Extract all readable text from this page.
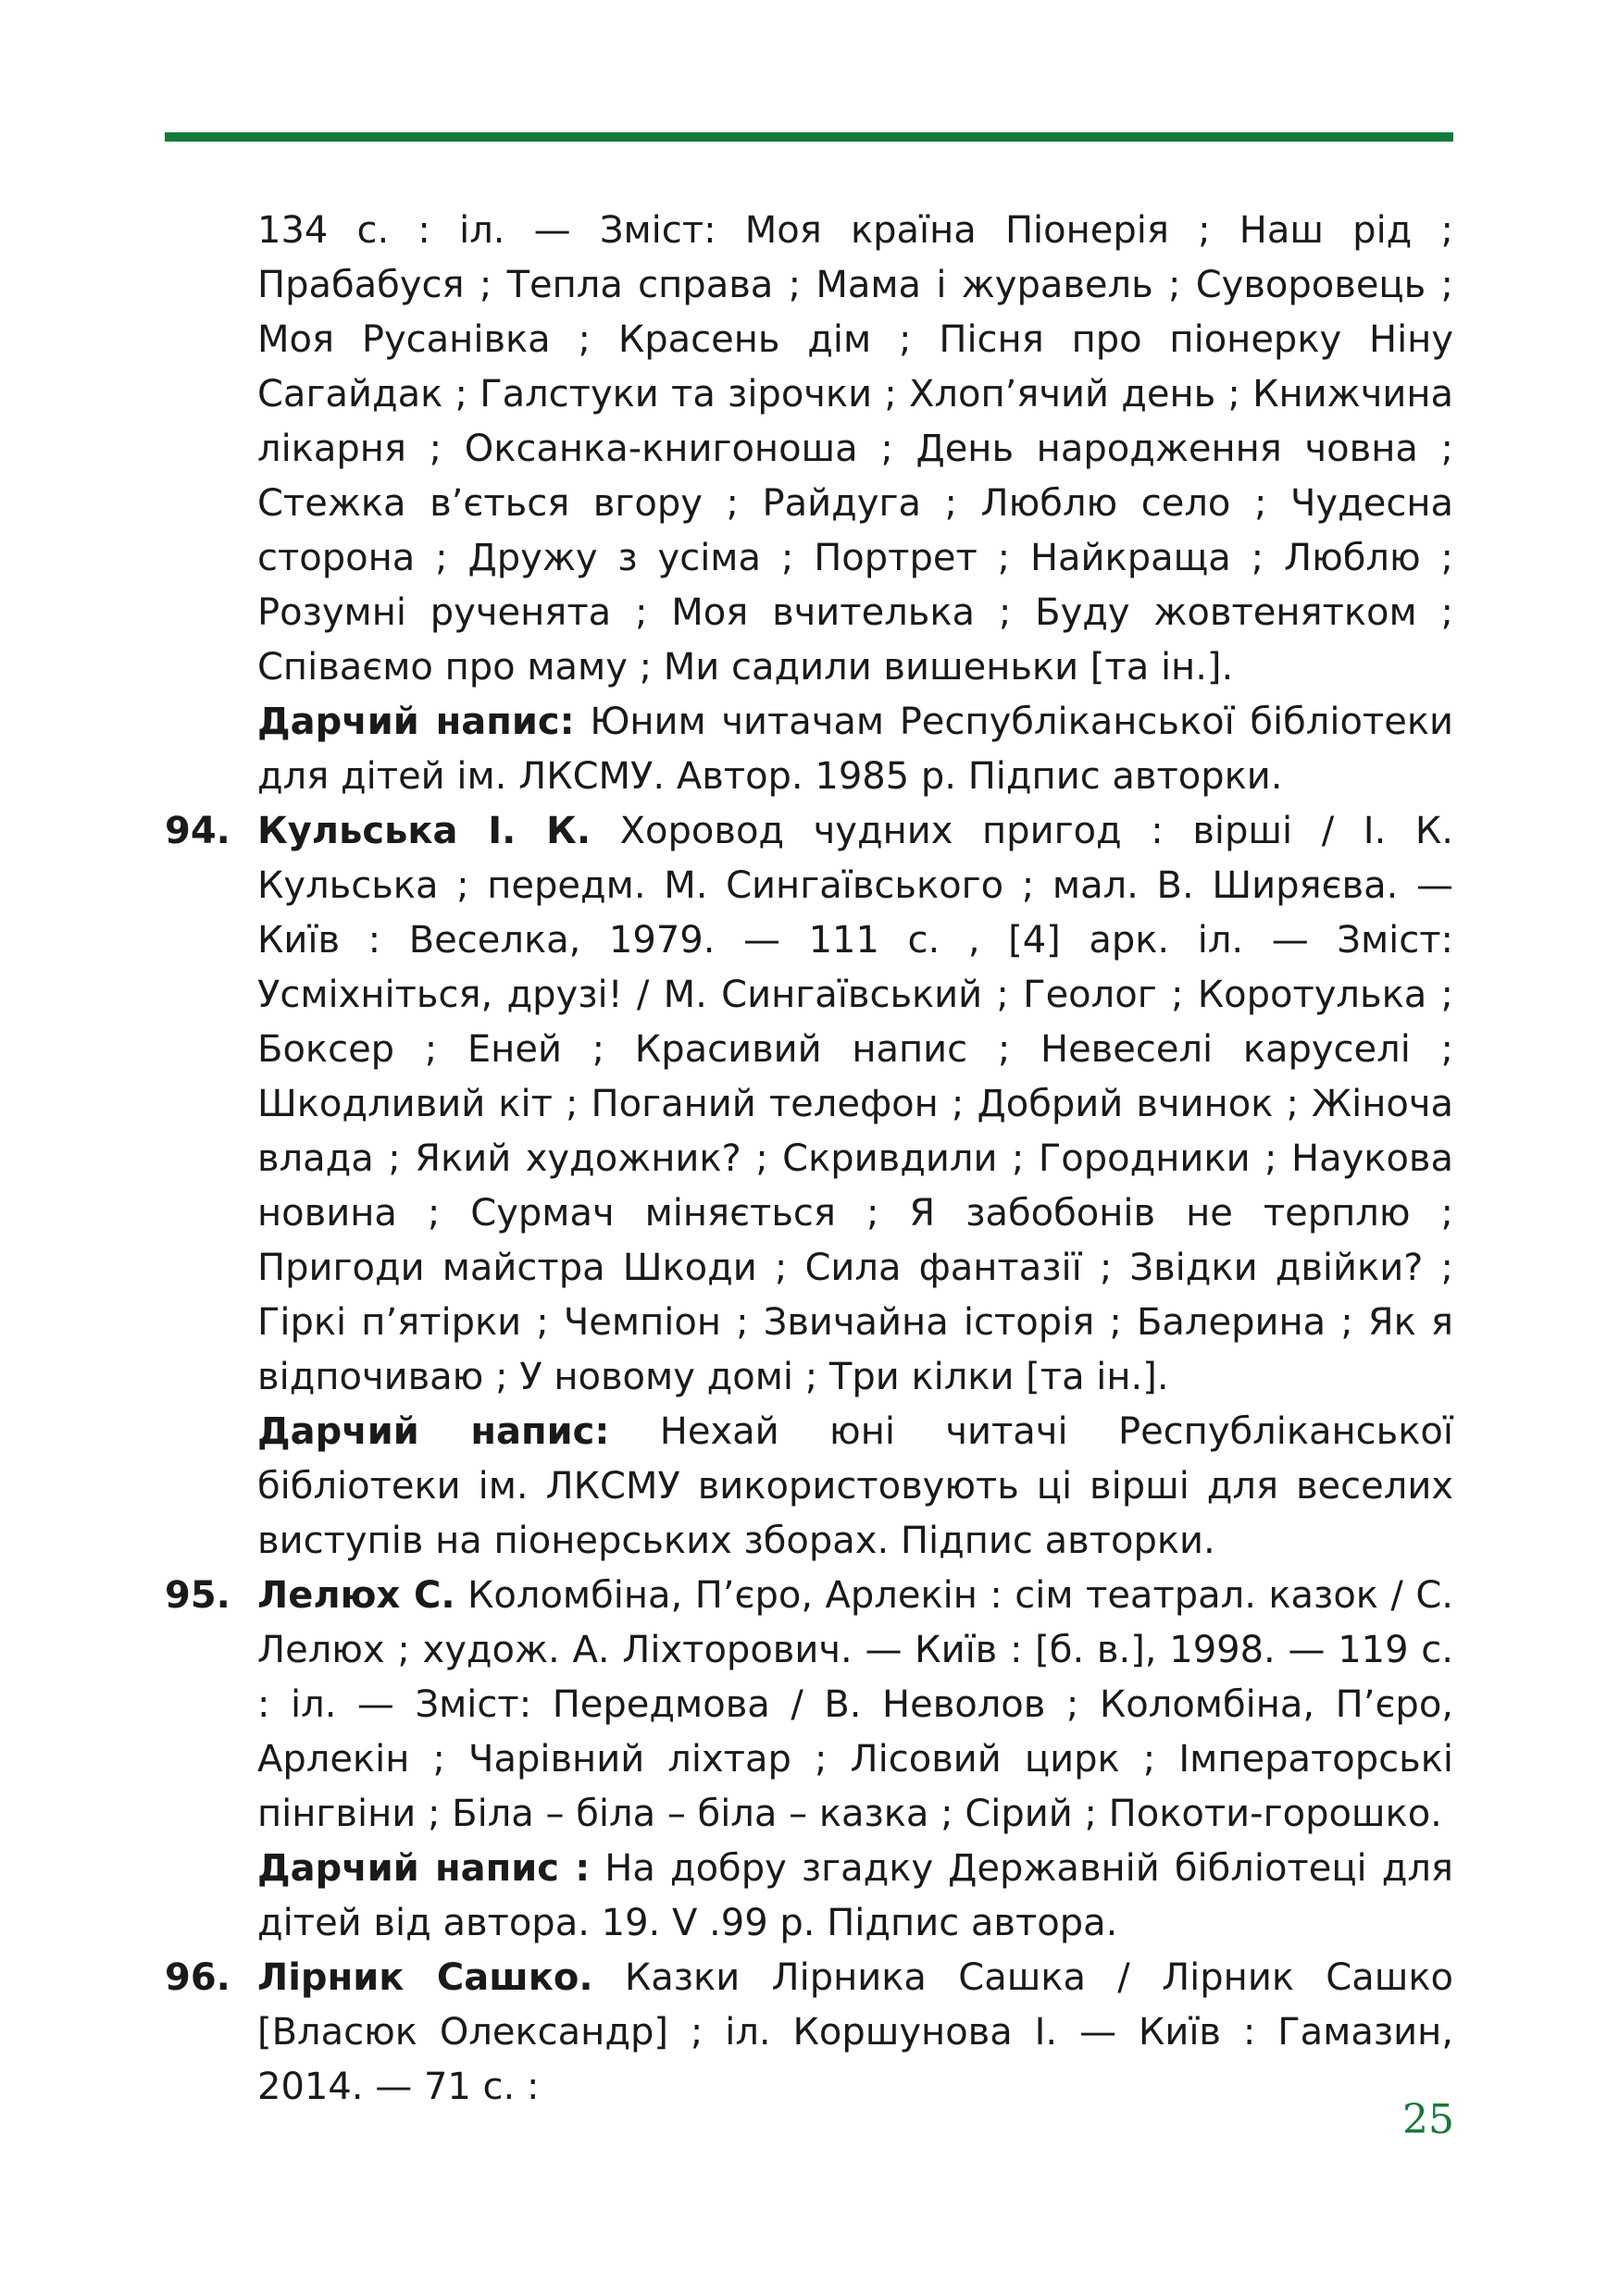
134 с. : іл. — Зміст: Моя країна Піонерія ; Наш рід ; Прабабуся ; Тепла справа ; Мама і журавель ; Суворовець ; Моя Русанівка ; Красень дім ; Пісня про піонерку Ніну Сагайдак ; Галстуки та зірочки ; Хлоп’ячий день ; Книжчина лікарня ; Оксанка-книгоноша ; День народження човна ; Стежка в’ється вгору ; Райдуга ; Люблю село ; Чудесна сторона ; Дружу з усіма ; Портрет ; Найкраща ; Люблю ; Розумні рученята ; Моя вчителька ; Буду жовтенятком ; Співаємо про маму ; Ми садили вишеньки [та ін.].

Дарчий напис: Юним читачам Республіканської бібліотеки для дітей ім. ЛКСМУ. Автор. 1985 р. Підпис авторки.

94. Кульська І. К. Хоровод чудних пригод : вірші / І. К. Кульська ; передм. М. Сингаївського ; мал. В. Ширяєва. — Київ : Веселка, 1979. — 111 с. , [4] арк. іл. — Зміст: Усміхніться, друзі! / М. Сингаївський ; Геолог ; Коротулька ; Боксер ; Еней ; Красивий напис ; Невеселі каруселі ; Шкодливий кіт ; Поганий телефон ; Добрий вчинок ; Жіноча влада ; Який художник? ; Скривдили ; Городники ; Наукова новина ; Сурмач міняється ; Я забобонів не терплю ; Пригоди майстра Шкоди ; Сила фантазії ; Звідки двійки? ; Гіркі п’ятірки ; Чемпіон ; Звичайна історія ; Балерина ; Як я відпочиваю ; У новому домі ; Три кілки [та ін.].

Дарчий напис: Нехай юні читачі Республіканської бібліотеки ім. ЛКСМУ використовують ці вірші для веселих виступів на піонерських зборах. Підпис авторки.

95. Лелюх С. Коломбіна, П’єро, Арлекін : сім театрал. казок / С. Лелюх ; худож. А. Ліхторович. — Київ : [б. в.], 1998. — 119 с. : іл. — Зміст: Передмова / В. Неволов ; Коломбіна, П’єро, Арлекін ; Чарівний ліхтар ; Лісовий цирк ; Імператорські пінгвіни ; Біла – біла – біла – казка ; Сірий ; Покоти-горошко.

Дарчий напис : На добру згадку Державній бібліотеці для дітей від автора. 19. V .99 р. Підпис автора.

96. Лірник Сашко. Казки Лірника Сашка / Лірник Сашко [Власюк Олександр] ; іл. Коршунова І. — Київ : Гамазин, 2014. — 71 с. :

25
